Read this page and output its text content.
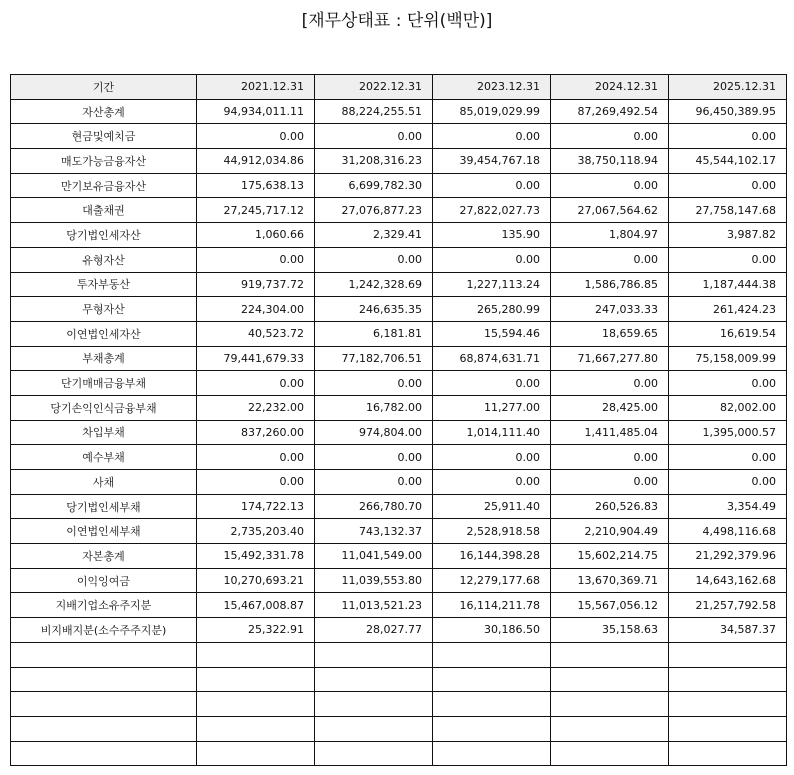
[재무상태표 : 단위(백만)]
기간	2021.12.31	2022.12.31	2023.12.31	2024.12.31	2025.12.31
자산총계	94,934,011.11	88,224,255.51	85,019,029.99	87,269,492.54	96,450,389.95
현금및예치금	0.00	0.00	0.00	0.00	0.00
매도가능금융자산	44,912,034.86	31,208,316.23	39,454,767.18	38,750,118.94	45,544,102.17
만기보유금융자산	175,638.13	6,699,782.30	0.00	0.00	0.00
대출채권	27,245,717.12	27,076,877.23	27,822,027.73	27,067,564.62	27,758,147.68
당기법인세자산	1,060.66	2,329.41	135.90	1,804.97	3,987.82
유형자산	0.00	0.00	0.00	0.00	0.00
투자부동산	919,737.72	1,242,328.69	1,227,113.24	1,586,786.85	1,187,444.38
무형자산	224,304.00	246,635.35	265,280.99	247,033.33	261,424.23
이연법인세자산	40,523.72	6,181.81	15,594.46	18,659.65	16,619.54
부채총계	79,441,679.33	77,182,706.51	68,874,631.71	71,667,277.80	75,158,009.99
단기매매금융부채	0.00	0.00	0.00	0.00	0.00
당기손익인식금융부채	22,232.00	16,782.00	11,277.00	28,425.00	82,002.00
차입부채	837,260.00	974,804.00	1,014,111.40	1,411,485.04	1,395,000.57
예수부채	0.00	0.00	0.00	0.00	0.00
사채	0.00	0.00	0.00	0.00	0.00
당기법인세부채	174,722.13	266,780.70	25,911.40	260,526.83	3,354.49
이연법인세부채	2,735,203.40	743,132.37	2,528,918.58	2,210,904.49	4,498,116.68
자본총계	15,492,331.78	11,041,549.00	16,144,398.28	15,602,214.75	21,292,379.96
이익잉여금	10,270,693.21	11,039,553.80	12,279,177.68	13,670,369.71	14,643,162.68
지배기업소유주지분	15,467,008.87	11,013,521.23	16,114,211.78	15,567,056.12	21,257,792.58
비지배지분(소수주주지분)	25,322.91	28,027.77	30,186.50	35,158.63	34,587.37
